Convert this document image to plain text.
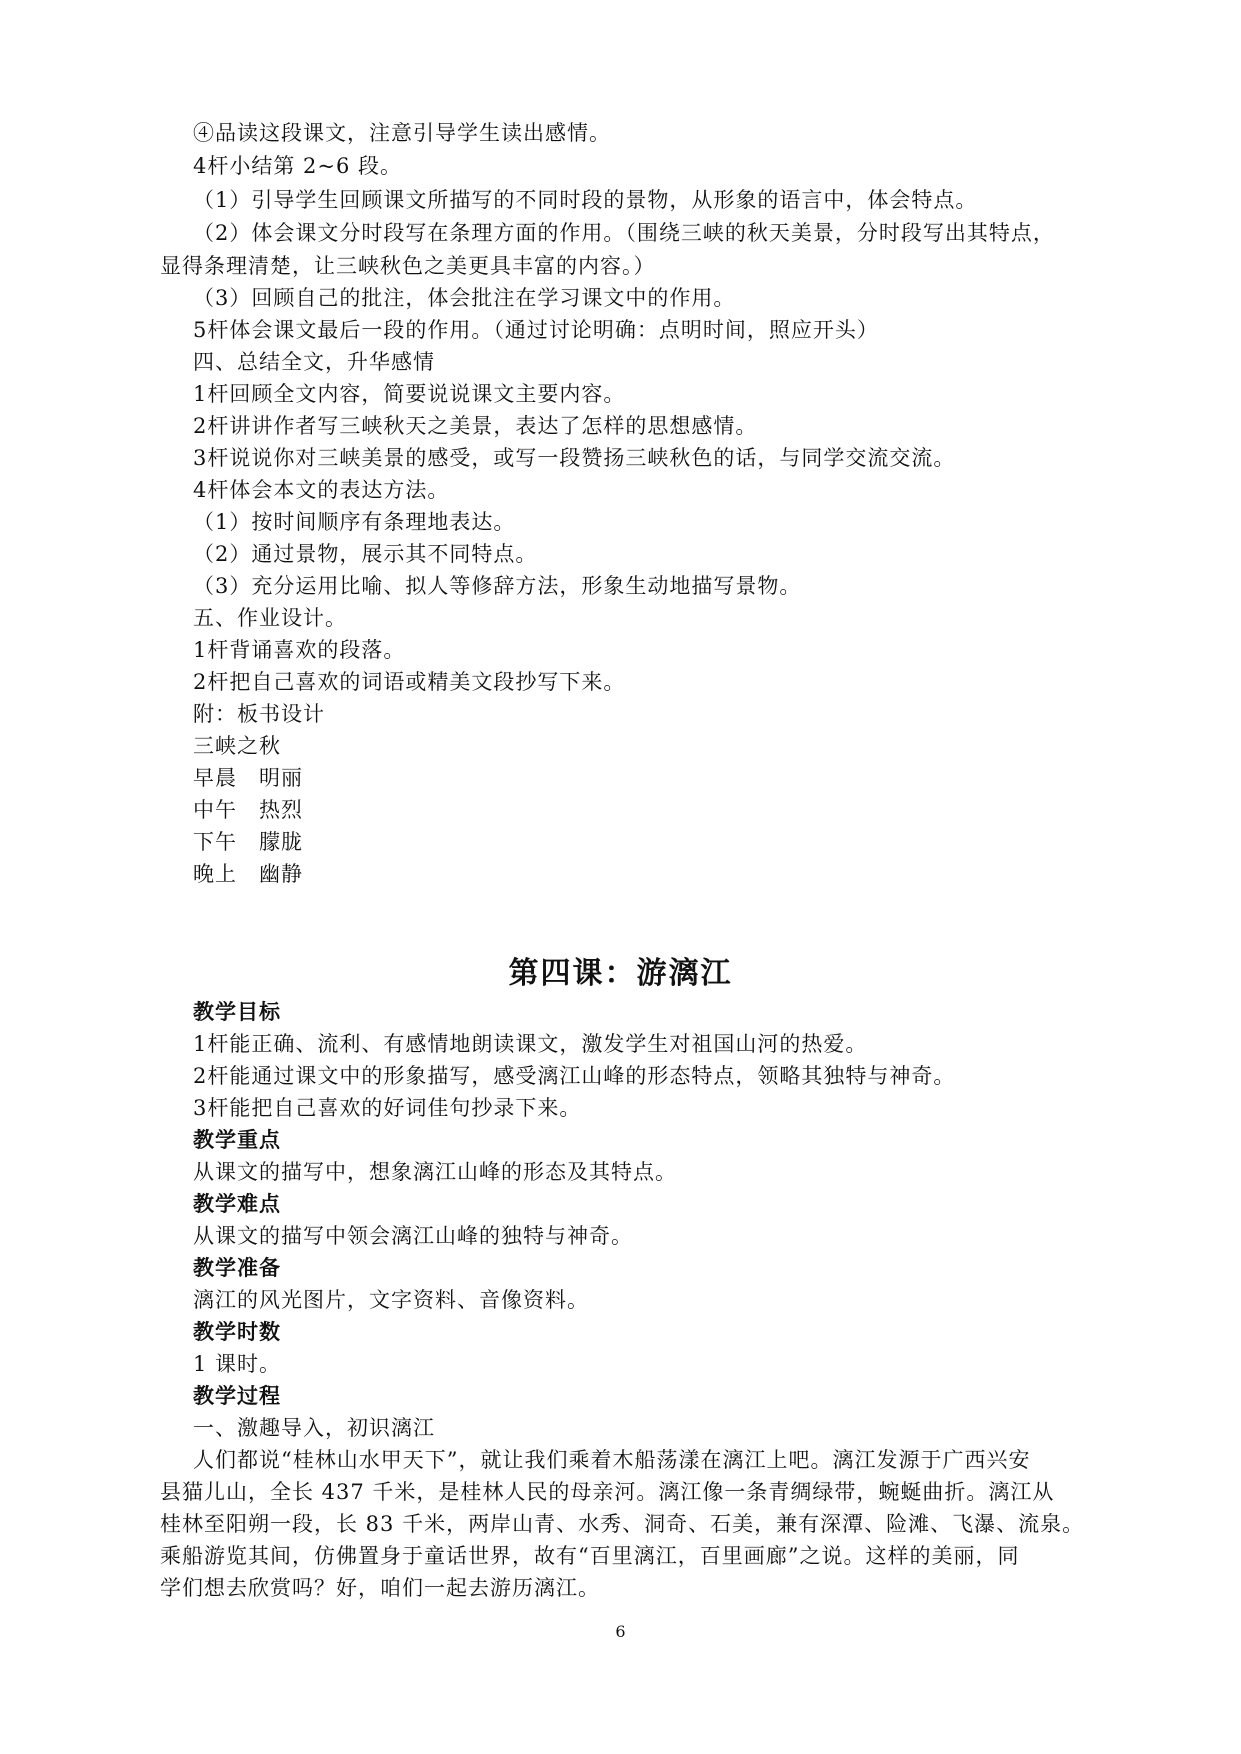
④品读这段课文，注意引导学生读出感情。
4杆小结第 2~6 段。
（1）引导学生回顾课文所描写的不同时段的景物，从形象的语言中，体会特点。
（2）体会课文分时段写在条理方面的作用。（围绕三峡的秋天美景，分时段写出其特点，
显得条理清楚，让三峡秋色之美更具丰富的内容。）
（3）回顾自己的批注，体会批注在学习课文中的作用。
5杆体会课文最后一段的作用。（通过讨论明确：点明时间，照应开头）
四、总结全文，升华感情
1杆回顾全文内容，简要说说课文主要内容。
2杆讲讲作者写三峡秋天之美景，表达了怎样的思想感情。
3杆说说你对三峡美景的感受，或写一段赞扬三峡秋色的话，与同学交流交流。
4杆体会本文的表达方法。
（1）按时间顺序有条理地表达。
（2）通过景物，展示其不同特点。
（3）充分运用比喻、拟人等修辞方法，形象生动地描写景物。
五、作业设计。
1杆背诵喜欢的段落。
2杆把自己喜欢的词语或精美文段抄写下来。
附：板书设计
三峡之秋
早晨　明丽
中午　热烈
下午　朦胧
晚上　幽静
第四课：游漓江
教学目标
1杆能正确、流利、有感情地朗读课文，激发学生对祖国山河的热爱。
2杆能通过课文中的形象描写，感受漓江山峰的形态特点，领略其独特与神奇。
3杆能把自己喜欢的好词佳句抄录下来。
教学重点
从课文的描写中，想象漓江山峰的形态及其特点。
教学难点
从课文的描写中领会漓江山峰的独特与神奇。
教学准备
漓江的风光图片，文字资料、音像资料。
教学时数
1 课时。
教学过程
一、激趣导入，初识漓江
人们都说“桂林山水甲天下”，就让我们乘着木船荡漾在漓江上吧。漓江发源于广西兴安
县猫儿山，全长 437 千米，是桂林人民的母亲河。漓江像一条青绸绿带，蜿蜒曲折。漓江从
桂林至阳朔一段，长 83 千米，两岸山青、水秀、洞奇、石美，兼有深潭、险滩、飞瀑、流泉。
乘船游览其间，仿佛置身于童话世界，故有“百里漓江，百里画廊”之说。这样的美丽，同
学们想去欣赏吗？好，咱们一起去游历漓江。
6
